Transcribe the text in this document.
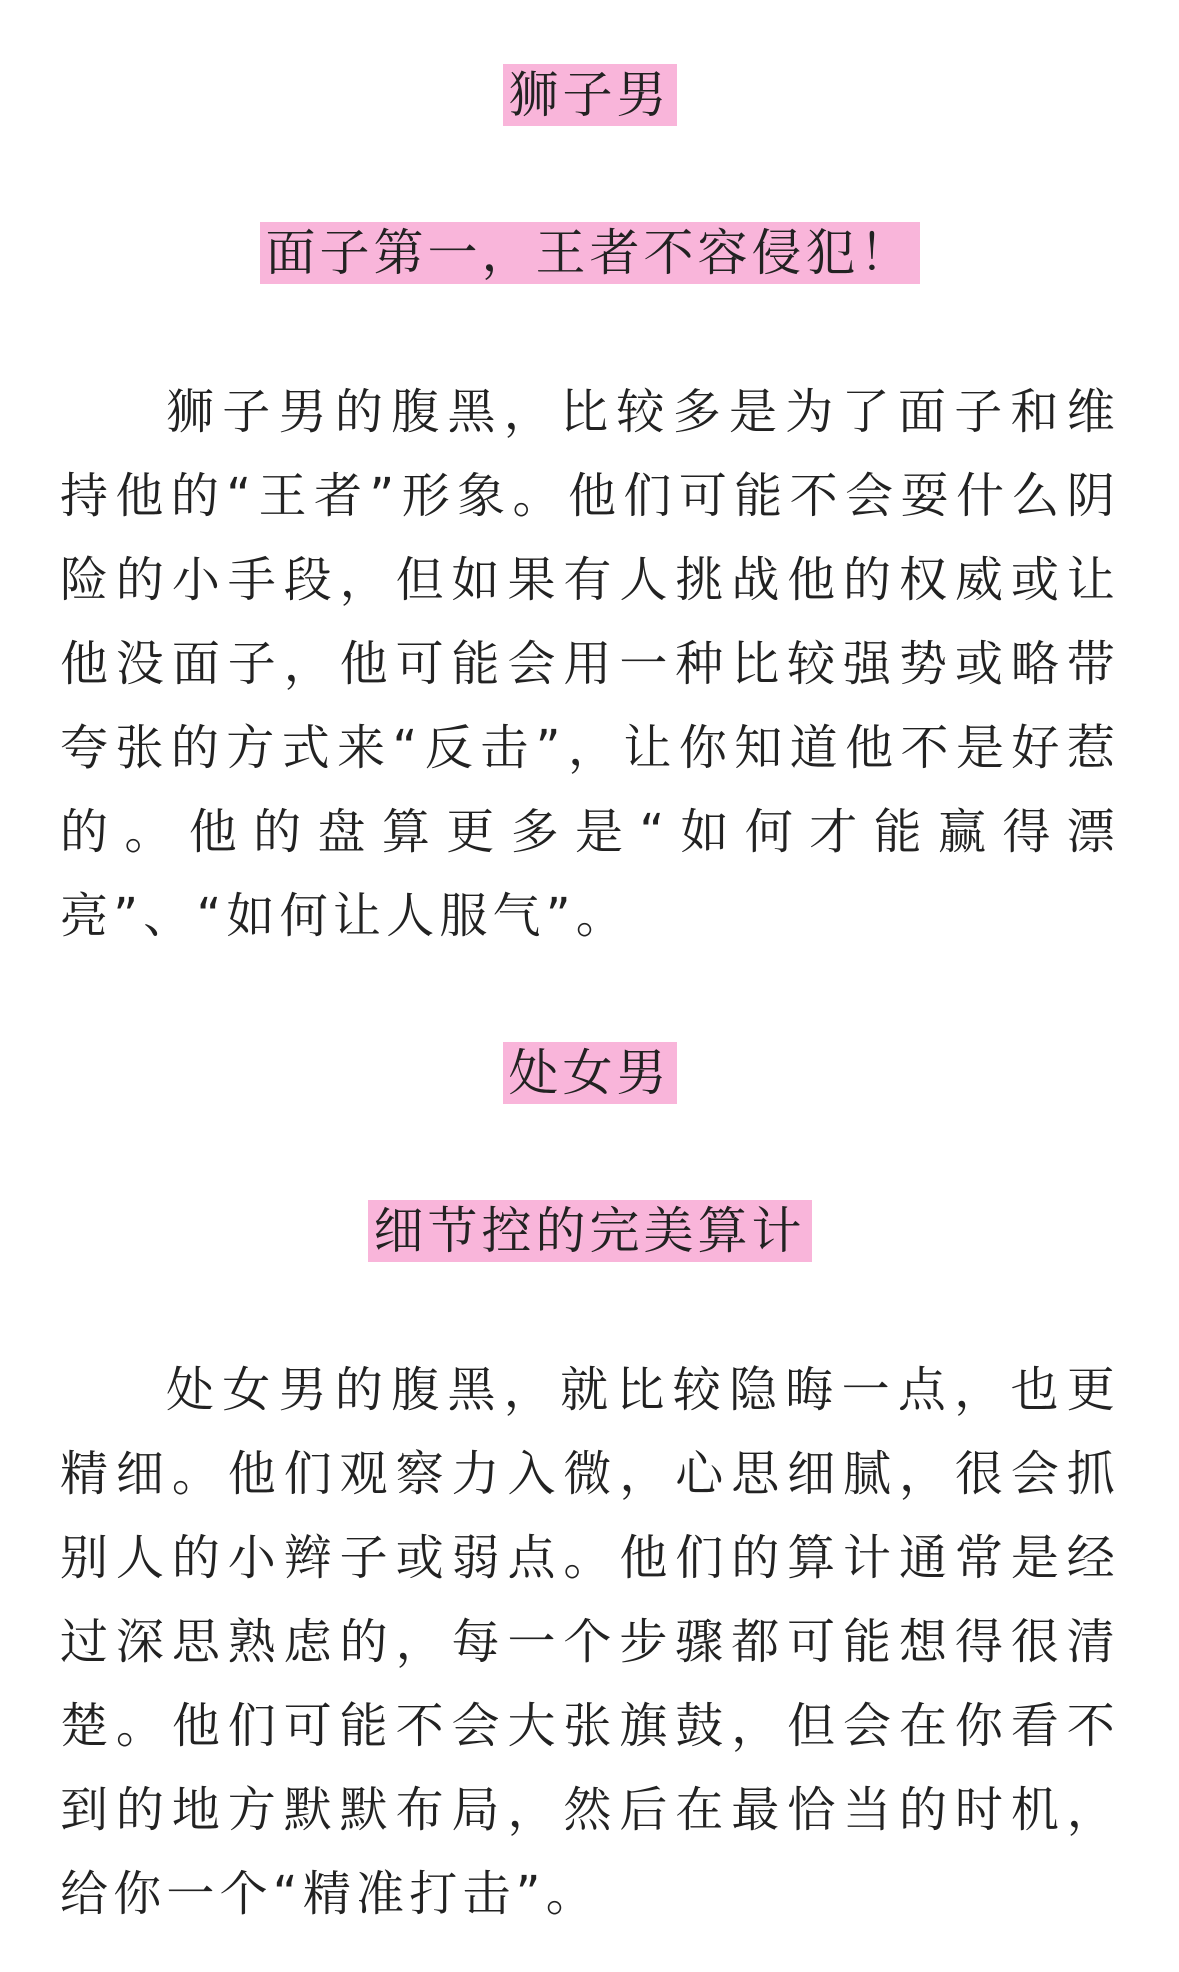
狮子男
面子第一，王者不容侵犯！

狮子男的腹黑，比较多是为了面子和维持他的“王者”形象。他们可能不会耍什么阴险的小手段，但如果有人挑战他的权威或让他没面子，他可能会用一种比较强势或略带夸张的方式来“反击”，让你知道他不是好惹的。他的盘算更多是“如何才能赢得漂亮”、“如何让人服气”。

处女男
细节控的完美算计

处女男的腹黑，就比较隐晦一点，也更精细。他们观察力入微，心思细腻，很会抓别人的小辫子或弱点。他们的算计通常是经过深思熟虑的，每一个步骤都可能想得很清楚。他们可能不会大张旗鼓，但会在你看不到的地方默默布局，然后在最恰当的时机，给你一个“精准打击”。
